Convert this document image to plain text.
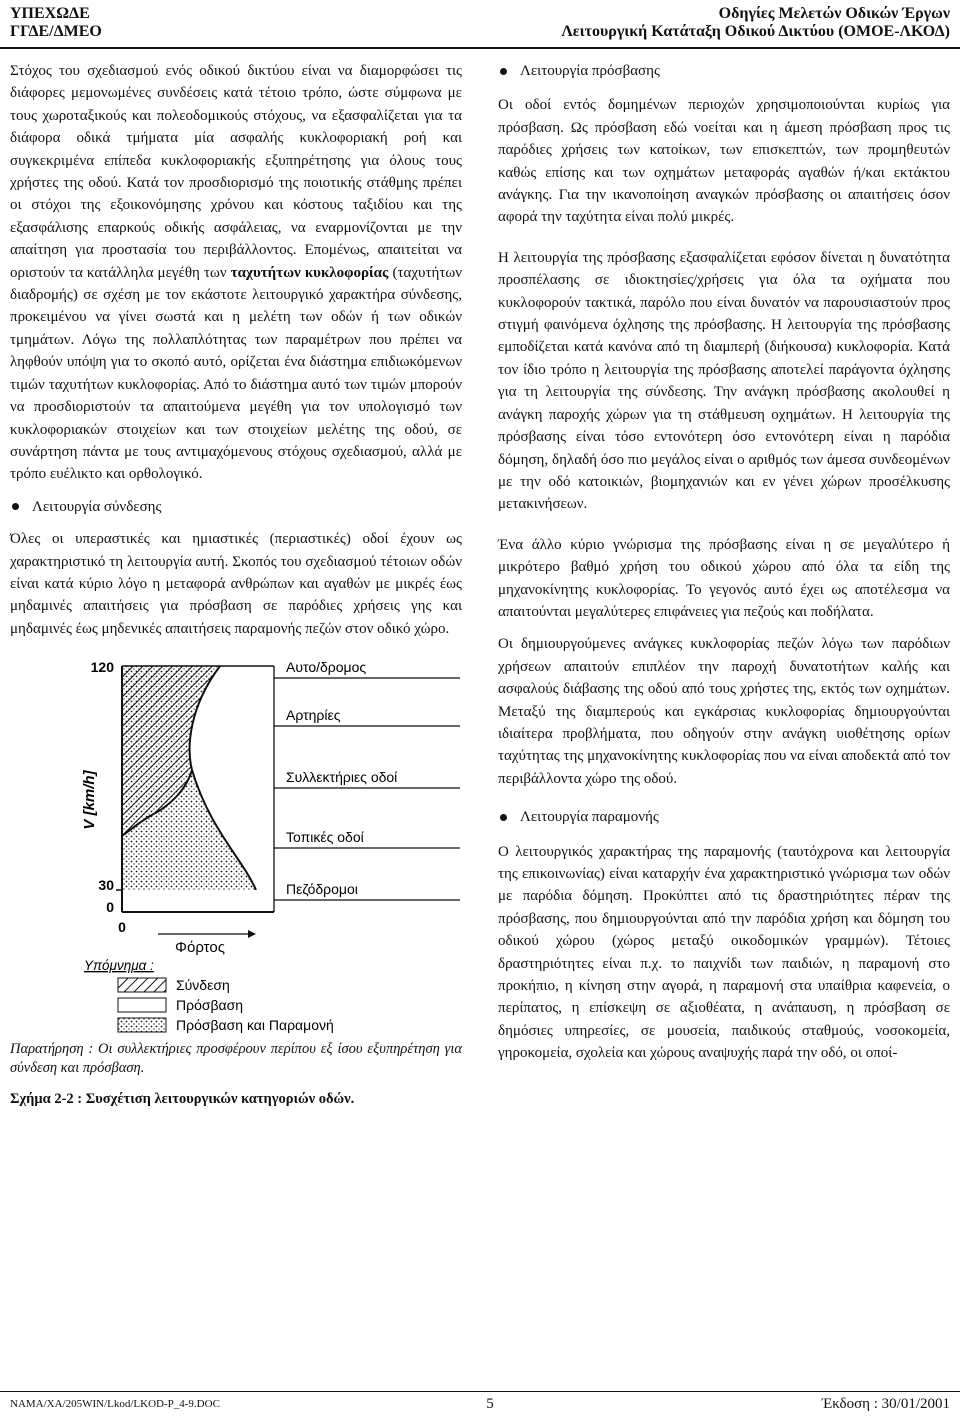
ΥΠΕΧΩΔΕ
ΓΓΔΕ/ΔΜΕΟ
Οδηγίες Μελετών Οδικών Έργων
Λειτουργική Κατάταξη Οδικού Δικτύου (ΟΜΟΕ-ΛΚΟΔ)

Στόχος του σχεδιασμού ενός οδικού δικτύου είναι να διαμορφώσει τις διάφορες μεμονωμένες συνδέσεις κατά τέτοιο τρόπο, ώστε σύμφωνα με τους χωροταξικούς και πολεοδομικούς στόχους, να εξασφαλίζεται για τα διάφορα οδικά τμήματα μία ασφαλής κυκλοφοριακή ροή και συγκεκριμένα επίπεδα κυκλοφοριακής εξυπηρέτησης για όλους τους χρήστες της οδού. Κατά τον προσδιορισμό της ποιοτικής στάθμης πρέπει οι στόχοι της εξοικονόμησης χρόνου και κόστους ταξιδίου και της εξασφάλισης επαρκούς οδικής ασφάλειας, να εναρμονίζονται με την απαίτηση για προστασία του περιβάλλοντος. Επομένως, απαιτείται να οριστούν τα κατάλληλα μεγέθη των ταχυτήτων κυκλοφορίας (ταχυτήτων διαδρομής) σε σχέση με τον εκάστοτε λειτουργικό χαρακτήρα σύνδεσης, προκειμένου να γίνει σωστά και η μελέτη των οδών ή των οδικών τμημάτων. Λόγω της πολλαπλότητας των παραμέτρων που πρέπει να ληφθούν υπόψη για το σκοπό αυτό, ορίζεται ένα διάστημα επιδιωκόμενων τιμών ταχυτήτων κυκλοφορίας. Από το διάστημα αυτό των τιμών μπορούν να προσδιοριστούν τα απαιτούμενα μεγέθη για τον υπολογισμό των κυκλοφοριακών στοιχείων και των στοιχείων μελέτης της οδού, σε συνάρτηση πάντα με τους αντιμαχόμενους στόχους σχεδιασμού, αλλά με τρόπο ευέλικτο και ορθολογικό.

Λειτουργία σύνδεσης

Όλες οι υπεραστικές και ημιαστικές (περιαστικές) οδοί έχουν ως χαρακτηριστικό τη λειτουργία αυτή. Σκοπός του σχεδιασμού τέτοιων οδών είναι κατά κύριο λόγο η μεταφορά ανθρώπων και αγαθών με μικρές έως μηδαμινές απαιτήσεις για πρόσβαση σε παρόδιες χρήσεις γης και μηδαμινές έως μηδενικές απαιτήσεις παραμονής πεζών στον οδικό χώρο.

120
30
0
V [km/h]
0
Φόρτος
Αυτο/δρομος
Αρτηρίες
Συλλεκτήριες οδοί
Τοπικές οδοί
Πεζόδρομοι
Υπόμνημα :
Σύνδεση
Πρόσβαση
Πρόσβαση και Παραμονή

Παρατήρηση : Οι συλλεκτήριες προσφέρουν περίπου εξ ίσου εξυπηρέτηση για σύνδεση και πρόσβαση.

Σχήμα 2-2 : Συσχέτιση λειτουργικών κατηγοριών οδών.

Λειτουργία πρόσβασης

Οι οδοί εντός δομημένων περιοχών χρησιμοποιούνται κυρίως για πρόσβαση. Ως πρόσβαση εδώ νοείται και η άμεση πρόσβαση προς τις παρόδιες χρήσεις των κατοίκων, των επισκεπτών, των προμηθευτών καθώς επίσης και των οχημάτων μεταφοράς αγαθών ή/και εκτάκτου ανάγκης. Για την ικανοποίηση αναγκών πρόσβασης οι απαιτήσεις όσον αφορά την ταχύτητα είναι πολύ μικρές.

Η λειτουργία της πρόσβασης εξασφαλίζεται εφόσον δίνεται η δυνατότητα προσπέλασης σε ιδιοκτησίες/χρήσεις για όλα τα οχήματα που κυκλοφορούν τακτικά, παρόλο που είναι δυνατόν να παρουσιαστούν προς στιγμή φαινόμενα όχλησης της πρόσβασης. Η λειτουργία της πρόσβασης εμποδίζεται κατά κανόνα από τη διαμπερή (διήκουσα) κυκλοφορία. Κατά τον ίδιο τρόπο η λειτουργία της πρόσβασης αποτελεί παράγοντα όχλησης για τη λειτουργία της σύνδεσης. Την ανάγκη πρόσβασης ακολουθεί η ανάγκη παροχής χώρων για τη στάθμευση οχημάτων. Η λειτουργία της πρόσβασης είναι τόσο εντονότερη όσο εντονότερη είναι η παρόδια δόμηση, δηλαδή όσο πιο μεγάλος είναι ο αριθμός των άμεσα συνδεομένων με την οδό κατοικιών, βιομηχανιών και εν γένει χώρων προσέλκυσης μετακινήσεων.

Ένα άλλο κύριο γνώρισμα της πρόσβασης είναι η σε μεγαλύτερο ή μικρότερο βαθμό χρήση του οδικού χώρου από όλα τα είδη της μηχανοκίνητης κυκλοφορίας. Το γεγονός αυτό έχει ως αποτέλεσμα να απαιτούνται μεγαλύτερες επιφάνειες για πεζούς και ποδήλατα.

Οι δημιουργούμενες ανάγκες κυκλοφορίας πεζών λόγω των παρόδιων χρήσεων απαιτούν επιπλέον την παροχή δυνατοτήτων καλής και ασφαλούς διάβασης της οδού από τους χρήστες της, εκτός των οχημάτων. Μεταξύ της διαμπερούς και εγκάρσιας κυκλοφορίας δημιουργούνται ιδιαίτερα προβλήματα, που οδηγούν στην ανάγκη υιοθέτησης ορίων ταχύτητας της μηχανοκίνητης κυκλοφορίας που να είναι αποδεκτά από τον περιβάλλοντα χώρο της οδού.

Λειτουργία παραμονής

Ο λειτουργικός χαρακτήρας της παραμονής (ταυτόχρονα και λειτουργία της επικοινωνίας) είναι καταρχήν ένα χαρακτηριστικό γνώρισμα των οδών με παρόδια δόμηση. Προκύπτει από τις δραστηριότητες πέραν της πρόσβασης, που δημιουργούνται από την παρόδια χρήση και δόμηση του οδικού χώρου (χώρος μεταξύ οικοδομικών γραμμών). Τέτοιες δραστηριότητες είναι π.χ. το παιχνίδι των παιδιών, η παραμονή στο προκήπιο, η κίνηση στην αγορά, η παραμονή στα υπαίθρια καφενεία, ο περίπατος, η επίσκεψη σε αξιοθέατα, η ανάπαυση, η πρόσβαση σε δημόσιες υπηρεσίες, σε μουσεία, παιδικούς σταθμούς, νοσοκομεία, γηροκομεία, σχολεία και χώρους αναψυχής παρά την οδό, οι οποί-

NAMA/XA/205WIN/Lkod/LKOD-P_4-9.DOC	5	Έκδοση : 30/01/2001
